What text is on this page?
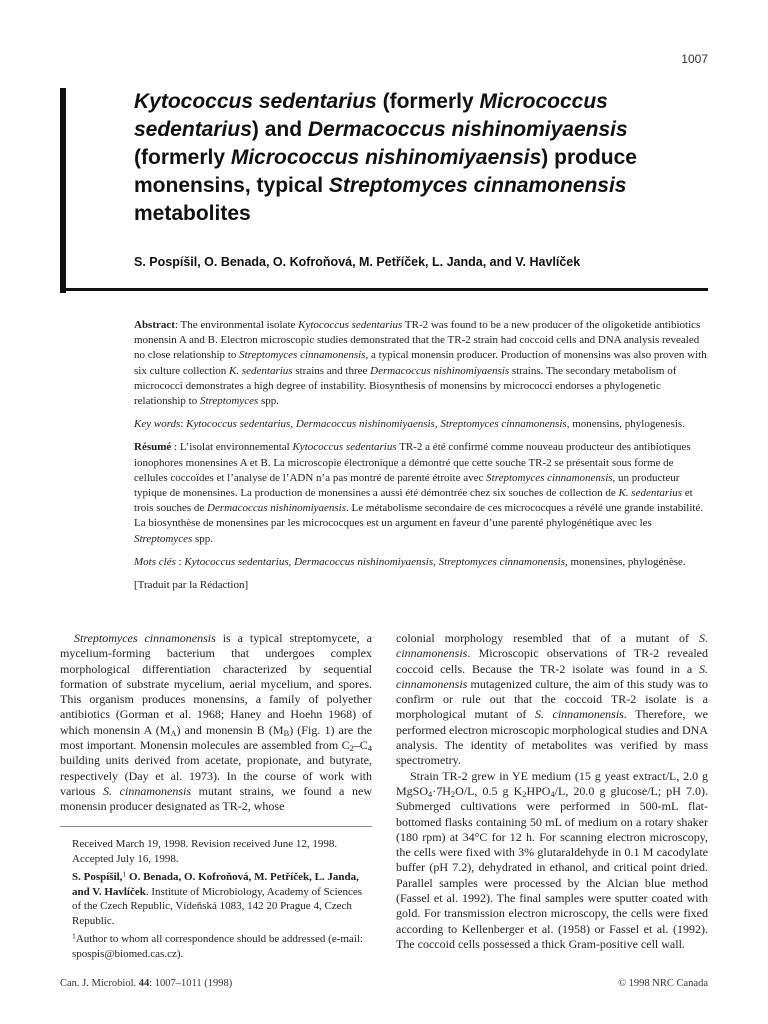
1007
Kytococcus sedentarius (formerly Micrococcus sedentarius) and Dermacoccus nishinomiyaensis (formerly Micrococcus nishinomiyaensis) produce monensins, typical Streptomyces cinnamonensis metabolites
S. Pospíšil, O. Benada, O. Kofroňová, M. Petříček, L. Janda, and V. Havlíček

Abstract: The environmental isolate Kytococcus sedentarius TR-2 was found to be a new producer of the oligoketide antibiotics monensin A and B. Electron microscopic studies demonstrated that the TR-2 strain had coccoid cells and DNA analysis revealed no close relationship to Streptomyces cinnamonensis, a typical monensin producer. Production of monensins was also proven with six culture collection K. sedentarius strains and three Dermacoccus nishinomiyaensis strains. The secondary metabolism of micrococci demonstrates a high degree of instability. Biosynthesis of monensins by micrococci endorses a phylogenetic relationship to Streptomyces spp.

Key words: Kytococcus sedentarius, Dermacoccus nishinomiyaensis, Streptomyces cinnamonensis, monensins, phylogenesis.

Résumé : L’isolat environnemental Kytococcus sedentarius TR-2 a été confirmé comme nouveau producteur des antibiotiques ionophores monensines A et B. La microscopie électronique a démontré que cette souche TR-2 se présentait sous forme de cellules coccoïdes et l’analyse de l’ADN n’a pas montré de parenté étroite avec Streptomyces cinnamonensis, un producteur typique de monensines. La production de monensines a aussi été démontrée chez six souches de collection de K. sedentarius et trois souches de Dermacoccus nishinomiyaensis. Le métabolisme secondaire de ces micrococques a révélé une grande instabilité. La biosynthèse de monensines par les micrococques est un argument en faveur d’une parenté phylogénétique avec les Streptomyces spp.

Mots clés : Kytococcus sedentarius, Dermacoccus nishinomiyaensis, Streptomyces cinnamonensis, monensines, phylogénèse.

[Traduit par la Rédaction]

Streptomyces cinnamonensis is a typical streptomycete, a mycelium-forming bacterium that undergoes complex morphological differentiation characterized by sequential formation of substrate mycelium, aerial mycelium, and spores. This organism produces monensins, a family of polyether antibiotics (Gorman et al. 1968; Haney and Hoehn 1968) of which monensin A $(M_A)$ and monensin B $(M_B)$ (Fig. 1) are the most important. Monensin molecules are assembled from $C_2-C_4$ building units derived from acetate, propionate, and butyrate, respectively (Day et al. 1973). In the course of work with various S. cinnamonensis mutant strains, we found a new monensin producer designated as TR-2, whose

colonial morphology resembled that of a mutant of S. cinnamonensis. Microscopic observations of TR-2 revealed coccoid cells. Because the TR-2 isolate was found in a S. cinnamonensis mutagenized culture, the aim of this study was to confirm or rule out that the coccoid TR-2 isolate is a morphological mutant of S. cinnamonensis. Therefore, we performed electron microscopic morphological studies and DNA analysis. The identity of metabolites was verified by mass spectrometry.

Strain TR-2 grew in YE medium (15 g yeast extract/L, 2.0 g $MgSO_4\cdot 7H_2O/L$, 0.5 g $K_2HPO_4/L$, 20.0 g glucose/L; pH 7.0). Submerged cultivations were performed in 500-mL flat-bottomed flasks containing 50 mL of medium on a rotary shaker (180 rpm) at 34°C for 12 h. For scanning electron microscopy, the cells were fixed with 3% glutaraldehyde in 0.1 M cacodylate buffer (pH 7.2), dehydrated in ethanol, and critical point dried. Parallel samples were processed by the Alcian blue method (Fassel et al. 1992). The final samples were sputter coated with gold. For transmission electron microscopy, the cells were fixed according to Kellenberger et al. (1958) or Fassel et al. (1992). The coccoid cells possessed a thick Gram-positive cell wall.

Received March 19, 1998. Revision received June 12, 1998. Accepted July 16, 1998.

S. Pospíšil,$^1$ O. Benada, O. Kofroňová, M. Petříček, L. Janda, and V. Havlíček. Institute of Microbiology, Academy of Sciences of the Czech Republic, Vídeňská 1083, 142 20 Prague 4, Czech Republic.

$^1$Author to whom all correspondence should be addressed (e-mail: spospis@biomed.cas.cz).

Can. J. Microbiol. 44: 1007–1011 (1998)	© 1998 NRC Canada
